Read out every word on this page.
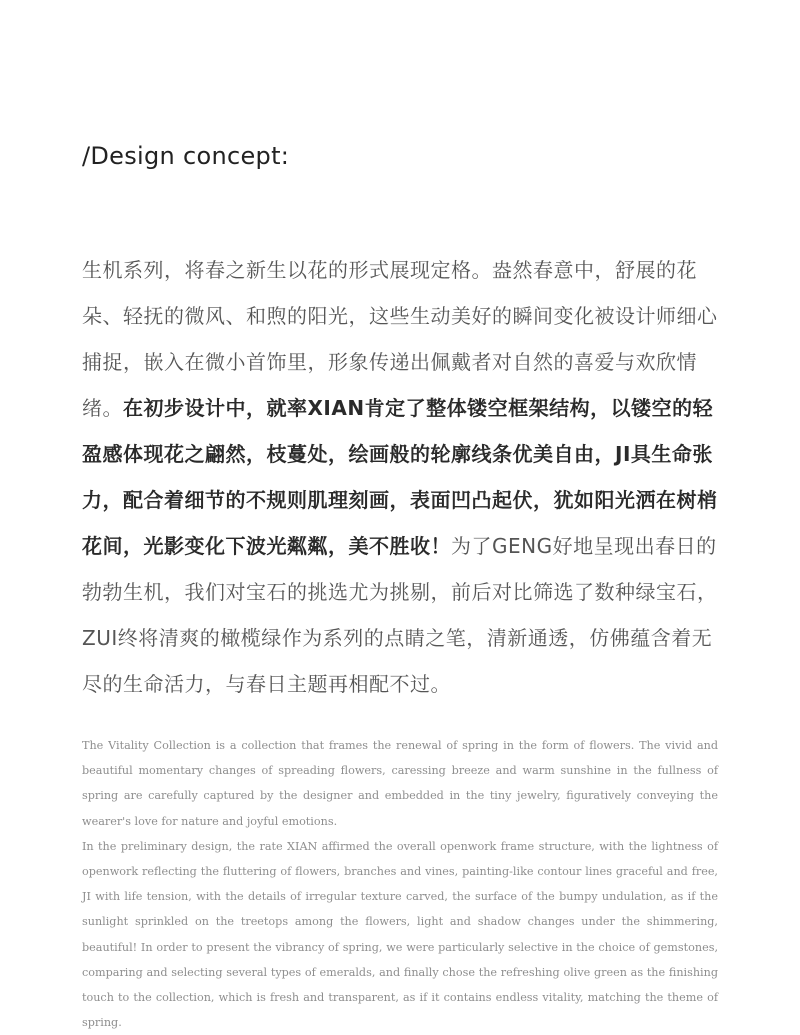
/Design concept:
生机系列，将春之新生以花的形式展现定格。盎然春意中，舒展的花朵、轻抚的微风、和煦的阳光，这些生动美好的瞬间变化被设计师细心捕捉，嵌入在微小首饰里，形象传递出佩戴者对自然的喜爱与欢欣情绪。在初步设计中，就率XIAN肯定了整体镂空框架结构，以镂空的轻盈感体现花之翩然，枝蔓处，绘画般的轮廓线条优美自由，JI具生命张力，配合着细节的不规则肌理刻画，表面凹凸起伏，犹如阳光洒在树梢花间，光影变化下波光粼粼，美不胜收！为了GENG好地呈现出春日的勃勃生机，我们对宝石的挑选尤为挑剔，前后对比筛选了数种绿宝石，ZUI终将清爽的橄榄绿作为系列的点睛之笔，清新通透，仿佛蕴含着无尽的生命活力，与春日主题再相配不过。

The Vitality Collection is a collection that frames the renewal of spring in the form of flowers. The vivid and beautiful momentary changes of spreading flowers, caressing breeze and warm sunshine in the fullness of spring are carefully captured by the designer and embedded in the tiny jewelry, figuratively conveying the wearer's love for nature and joyful emotions.

In the preliminary design, the rate XIAN affirmed the overall openwork frame structure, with the lightness of openwork reflecting the fluttering of flowers, branches and vines, painting-like contour lines graceful and free, JI with life tension, with the details of irregular texture carved, the surface of the bumpy undulation, as if the sunlight sprinkled on the treetops among the flowers, light and shadow changes under the shimmering, beautiful! In order to present the vibrancy of spring, we were particularly selective in the choice of gemstones, comparing and selecting several types of emeralds, and finally chose the refreshing olive green as the finishing touch to the collection, which is fresh and transparent, as if it contains endless vitality, matching the theme of spring.
